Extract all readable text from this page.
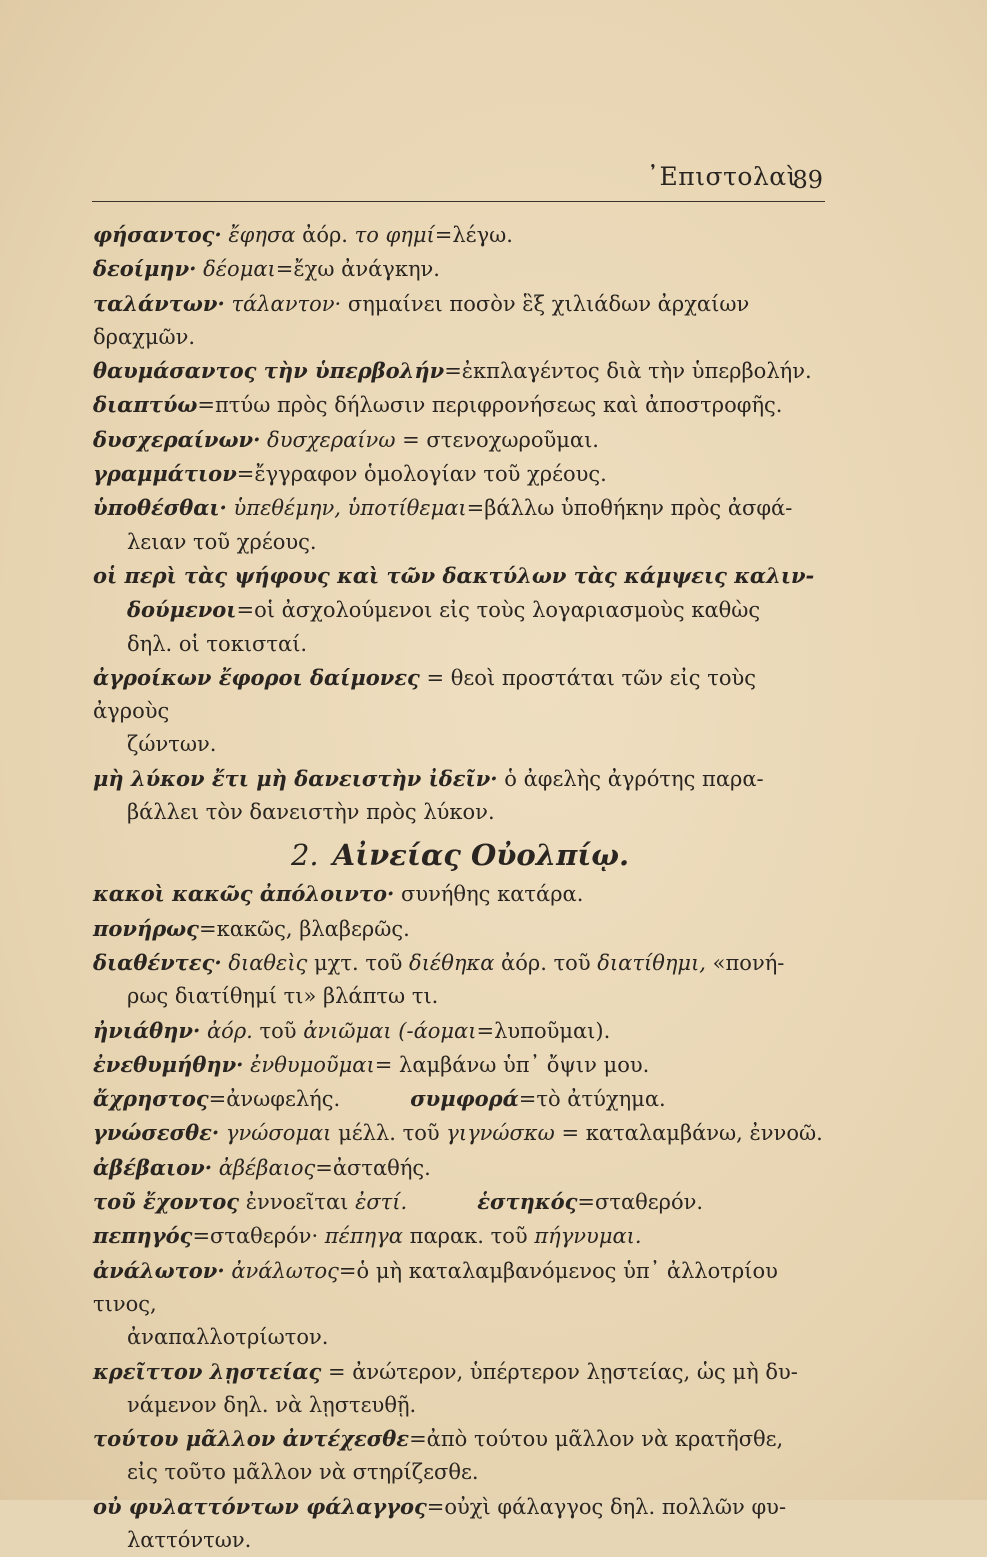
᾿Επιστολαὶ
89
φήσαντος· ἔφησα ἀόρ. το φημί=λέγω.
δεοίμην· δέομαι=ἔχω ἀνάγκην.
ταλάντων· τάλαντον· σημαίνει ποσὸν ἓξ χιλιάδων ἀρχαίων δραχμῶν.
θαυμάσαντος τὴν ὑπερβολήν=ἐκπλαγέντος διὰ τὴν ὑπερβολήν.
διαπτύω=πτύω πρὸς δήλωσιν περιφρονήσεως καὶ ἀποστροφῆς.
δυσχεραίνων· δυσχεραίνω = στενοχωροῦμαι.
γραμμάτιον=ἔγγραφον ὁμολογίαν τοῦ χρέους.
ὑποθέσθαι· ὑπεθέμην, ὑποτίθεμαι=βάλλω ὑποθήκην πρὸς ἀσφά-
λειαν τοῦ χρέους.
οἱ περὶ τὰς ψήφους καὶ τῶν δακτύλων τὰς κάμψεις καλιν-
δούμενοι=οἱ ἀσχολούμενοι εἰς τοὺς λογαριασμοὺς καθὼς
δηλ. οἱ τοκισταί.
ἀγροίκων ἔφοροι δαίμονες = θεοὶ προστάται τῶν εἰς τοὺς ἀγροὺς
ζώντων.
μὴ λύκον ἔτι μὴ δανειστὴν ἰδεῖν· ὁ ἀφελὴς ἀγρότης παρα-
βάλλει τὸν δανειστὴν πρὸς λύκον.
2. Αἰνείας Οὐολπίῳ.
κακοὶ κακῶς ἀπόλοιντο· συνήθης κατάρα.
πονήρως=κακῶς, βλαβερῶς.
διαθέντες· διαθεὶς μχτ. τοῦ διέθηκα ἀόρ. τοῦ διατίθημι, «πονή-
ρως διατίθημί τι» βλάπτω τι.
ἠνιάθην· ἀόρ. τοῦ ἀνιῶμαι (-άομαι=λυποῦμαι).
ἐνεθυμήθην· ἐνθυμοῦμαι= λαμβάνω ὑπ᾿ ὄψιν μου.
ἄχρηστος=ἀνωφελής.	συμφορά=τὸ ἀτύχημα.
γνώσεσθε· γνώσομαι μέλλ. τοῦ γιγνώσκω = καταλαμβάνω, ἐννοῶ.
ἀβέβαιον· ἀβέβαιος=ἀσταθής.
τοῦ ἔχοντος ἐννοεῖται ἐστί.	ἑστηκός=σταθερόν.
πεπηγός=σταθερόν· πέπηγα παρακ. τοῦ πήγνυμαι.
ἀνάλωτον· ἀνάλωτος=ὁ μὴ καταλαμβανόμενος ὑπ᾿ ἀλλοτρίου τινος,
ἀναπαλλοτρίωτον.
κρεῖττον λῃστείας = ἀνώτερον, ὑπέρτερον λῃστείας, ὡς μὴ δυ-
νάμενον δηλ. νὰ λῃστευθῇ.
τούτου μᾶλλον ἀντέχεσθε=ἀπὸ τούτου μᾶλλον νὰ κρατῆσθε,
εἰς τοῦτο μᾶλλον νὰ στηρίζεσθε.
οὐ φυλαττόντων φάλαγγος=οὐχὶ φάλαγγος δηλ. πολλῶν φυ-
λαττόντων.
